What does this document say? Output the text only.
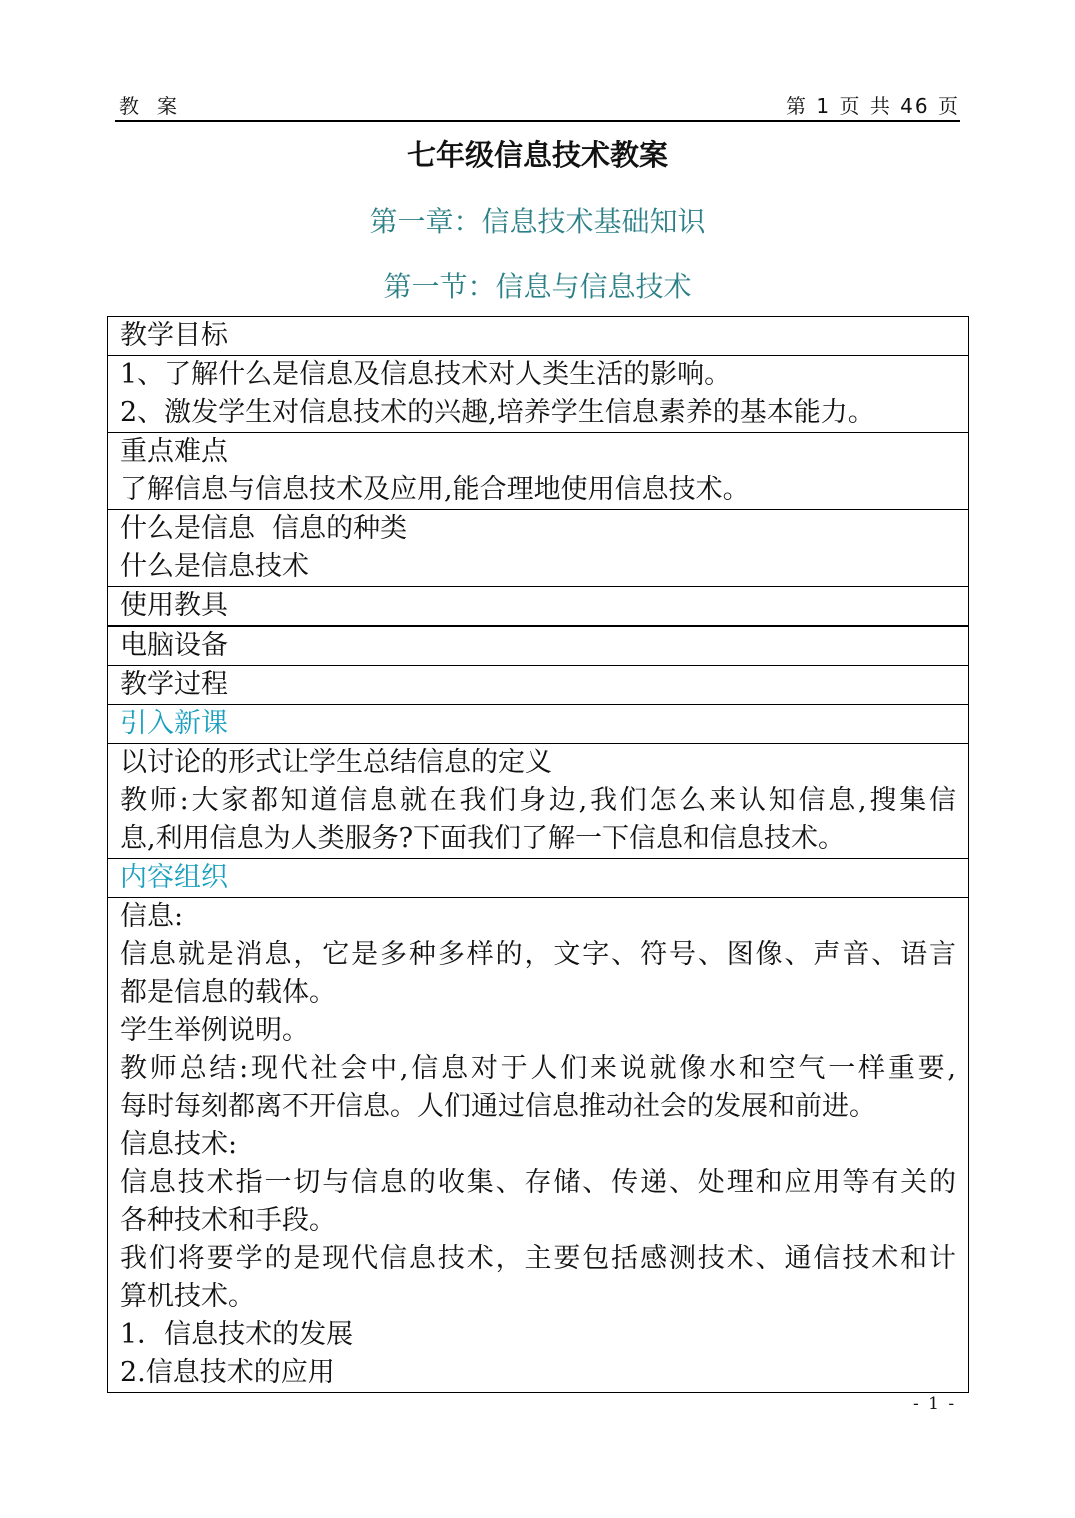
教案	第 1 页 共 46 页
七年级信息技术教案
第一章：信息技术基础知识
第一节：信息与信息技术
教学目标
1、了解什么是信息及信息技术对人类生活的影响。
2、激发学生对信息技术的兴趣,培养学生信息素养的基本能力。
重点难点
了解信息与信息技术及应用,能合理地使用信息技术。
什么是信息  信息的种类
什么是信息技术
使用教具
电脑设备
教学过程
引入新课
以讨论的形式让学生总结信息的定义
教师:大家都知道信息就在我们身边,我们怎么来认知信息,搜集信
息,利用信息为人类服务?下面我们了解一下信息和信息技术。
内容组织
信息:
信息就是消息，它是多种多样的，文字、符号、图像、声音、语言
都是信息的载体。
学生举例说明。
教师总结:现代社会中,信息对于人们来说就像水和空气一样重要,
每时每刻都离不开信息。人们通过信息推动社会的发展和前进。
信息技术:
信息技术指一切与信息的收集、存储、传递、处理和应用等有关的
各种技术和手段。
我们将要学的是现代信息技术，主要包括感测技术、通信技术和计
算机技术。
1．信息技术的发展
2.信息技术的应用
- 1 -
